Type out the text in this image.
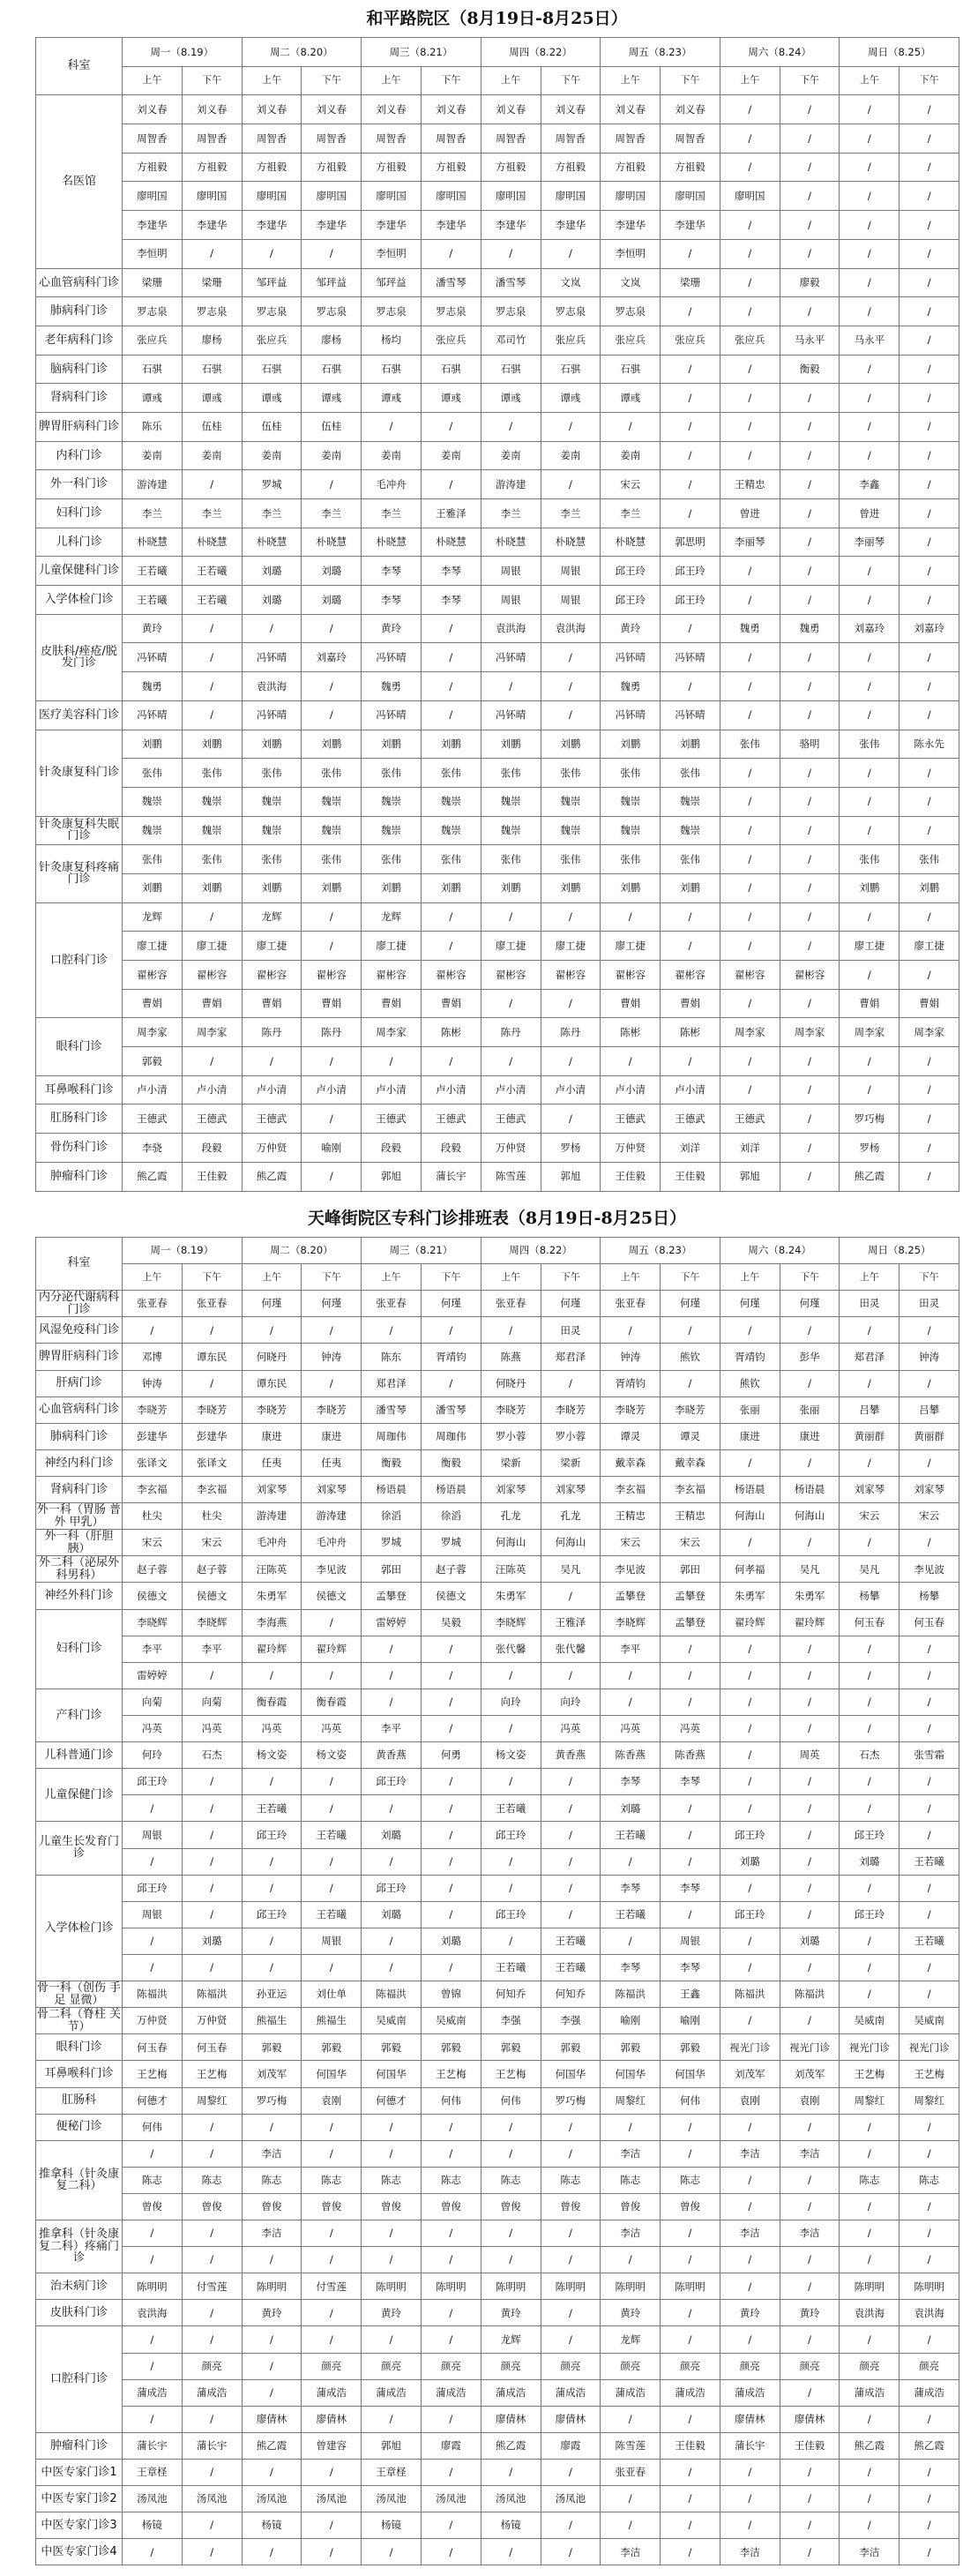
和平路院区（8月19日-8月25日）
科室	周一（8.19）		周二（8.20）		周三（8.21）		周四（8.22）		周五（8.23）		周六（8.24）		周日（8.25）	
	上午	下午	上午	下午	上午	下午	上午	下午	上午	下午	上午	下午	上午	下午
名医馆	刘义春	刘义春	刘义春	刘义春	刘义春	刘义春	刘义春	刘义春	刘义春	刘义春	/	/	/	/
	周智香	周智香	周智香	周智香	周智香	周智香	周智香	周智香	周智香	周智香	/	/	/	/
	方祖毅	方祖毅	方祖毅	方祖毅	方祖毅	方祖毅	方祖毅	方祖毅	方祖毅	方祖毅	/	/	/	/
	廖明国	廖明国	廖明国	廖明国	廖明国	廖明国	廖明国	廖明国	廖明国	廖明国	廖明国	/	/	/
	李建华	李建华	李建华	李建华	李建华	李建华	李建华	李建华	李建华	李建华	/	/	/	/
	李恒明	/	/	/	李恒明	/	/	/	李恒明	/	/	/	/	/
心血管病科门诊	梁珊	梁珊	邹玶益	邹玶益	邹玶益	潘雪琴	潘雪琴	文岚	文岚	梁珊	/	廖毅	/	/
肺病科门诊	罗志泉	罗志泉	罗志泉	罗志泉	罗志泉	罗志泉	罗志泉	罗志泉	罗志泉	/	/	/	/	/
老年病科门诊	张应兵	廖杨	张应兵	廖杨	杨均	张应兵	邓司竹	张应兵	张应兵	张应兵	张应兵	马永平	马永平	/
脑病科门诊	石骐	石骐	石骐	石骐	石骐	石骐	石骐	石骐	石骐	/	/	衡毅	/	/
肾病科门诊	谭彧	谭彧	谭彧	谭彧	谭彧	谭彧	谭彧	谭彧	谭彧	/	/	/	/	/
脾胃肝病科门诊	陈乐	伍桂	伍桂	伍桂	/	/	/	/	/	/	/	/	/	/
内科门诊	姜南	姜南	姜南	姜南	姜南	姜南	姜南	姜南	姜南	/	/	/	/	/
外一科门诊	游涛建	/	罗城	/	毛冲舟	/	游涛建	/	宋云	/	王精忠	/	李鑫	/
妇科门诊	李兰	李兰	李兰	李兰	李兰	王雅泽	李兰	李兰	李兰	/	曾进	/	曾进	/
儿科门诊	朴晓慧	朴晓慧	朴晓慧	朴晓慧	朴晓慧	朴晓慧	朴晓慧	朴晓慧	朴晓慧	郭思明	李丽琴	/	李丽琴	/
儿童保健科门诊	王若曦	王若曦	刘璐	刘璐	李琴	李琴	周银	周银	邱王玲	邱王玲	/	/	/	/
入学体检门诊	王若曦	王若曦	刘璐	刘璐	李琴	李琴	周银	周银	邱王玲	邱王玲	/	/	/	/
皮肤科/痤疮/脱发门诊	黄玲	/	/	/	黄玲	/	袁洪海	袁洪海	黄玲	/	魏勇	魏勇	刘嘉玲	刘嘉玲
	冯钚晴	/	冯钚晴	刘嘉玲	冯钚晴	/	冯钚晴	/	冯钚晴	冯钚晴	/	/	/	/
	魏勇	/	袁洪海	/	魏勇	/	/	/	魏勇	/	/	/	/	/
医疗美容科门诊	冯钚晴	/	冯钚晴	/	冯钚晴	/	冯钚晴	/	冯钚晴	冯钚晴	/	/	/	/
针灸康复科门诊	刘鹏	刘鹏	刘鹏	刘鹏	刘鹏	刘鹏	刘鹏	刘鹏	刘鹏	刘鹏	张伟	骆明	张伟	陈永先
	张伟	张伟	张伟	张伟	张伟	张伟	张伟	张伟	张伟	张伟	/	/	/	/
	魏崇	魏崇	魏崇	魏崇	魏崇	魏崇	魏崇	魏崇	魏崇	魏崇	/	/	/	/
针灸康复科失眠门诊	魏崇	魏崇	魏崇	魏崇	魏崇	魏崇	魏崇	魏崇	魏崇	魏崇	/	/	/	/
针灸康复科疼痛门诊	张伟	张伟	张伟	张伟	张伟	张伟	张伟	张伟	张伟	张伟	/	/	张伟	张伟
	刘鹏	刘鹏	刘鹏	刘鹏	刘鹏	刘鹏	刘鹏	刘鹏	刘鹏	刘鹏	/	/	刘鹏	刘鹏
口腔科门诊	龙辉	/	龙辉	/	龙辉	/	/	/	/	/	/	/	/	/
	廖工捷	廖工捷	廖工捷	/	廖工捷	/	廖工捷	廖工捷	廖工捷	/	/	/	廖工捷	廖工捷
	翟彬容	翟彬容	翟彬容	翟彬容	翟彬容	翟彬容	翟彬容	翟彬容	翟彬容	翟彬容	翟彬容	翟彬容	/	/
	曹娟	曹娟	曹娟	曹娟	曹娟	曹娟	/	/	曹娟	曹娟	/	/	曹娟	曹娟
眼科门诊	周李家	周李家	陈丹	陈丹	周李家	陈彬	陈丹	陈丹	陈彬	陈彬	周李家	周李家	周李家	周李家
	郭毅	/	/	/	/	/	/	/	/	/	/	/	/	/
耳鼻喉科门诊	卢小清	卢小清	卢小清	卢小清	卢小清	卢小清	卢小清	卢小清	卢小清	卢小清	/	/	/	/
肛肠科门诊	王德武	王德武	王德武	/	王德武	王德武	王德武	/	王德武	王德武	王德武	/	罗巧梅	/
骨伤科门诊	李骁	段毅	万仲贤	喻刚	段毅	段毅	万仲贤	罗杨	万仲贤	刘洋	刘洋	/	罗杨	/
肿瘤科门诊	熊乙霞	王佳毅	熊乙霞	/	郭旭	蒲长宇	陈雪莲	郭旭	王佳毅	王佳毅	郭旭	/	熊乙霞	/
天峰街院区专科门诊排班表（8月19日-8月25日）
科室	周一（8.19）		周二（8.20）		周三（8.21）		周四（8.22）		周五（8.23）		周六（8.24）		周日（8.25）	
	上午	下午	上午	下午	上午	下午	上午	下午	上午	下午	上午	下午	上午	下午
内分泌代谢病科门诊	张亚春	张亚春	何瑾	何瑾	张亚春	何瑾	张亚春	何瑾	张亚春	何瑾	何瑾	何瑾	田灵	田灵
风湿免疫科门诊	/	/	/	/	/	/	/	田灵	/	/	/	/	/	/
脾胃肝病科门诊	邓博	谭东民	何晓丹	钟涛	陈东	胥靖钧	陈燕	郑君泽	钟涛	熊钦	胥靖钧	彭华	郑君泽	钟涛
肝病门诊	钟涛	/	谭东民	/	郑君泽	/	何晓丹	/	胥靖钧	/	熊钦	/	/	/
心血管病科门诊	李晓芳	李晓芳	李晓芳	李晓芳	潘雪琴	潘雪琴	李晓芳	李晓芳	李晓芳	李晓芳	张丽	张丽	吕攀	吕攀
肺病科门诊	彭建华	彭建华	康进	康进	周珈伟	周珈伟	罗小蓉	罗小蓉	谭灵	谭灵	康进	康进	黄丽群	黄丽群
神经内科门诊	张译文	张译文	任夷	任夷	衡毅	衡毅	梁新	梁新	戴幸森	戴幸森	/	/	/	/
肾病科门诊	李玄福	李玄福	刘家琴	刘家琴	杨语晨	杨语晨	刘家琴	刘家琴	李玄福	李玄福	杨语晨	杨语晨	刘家琴	刘家琴
外一科（胃肠 普外 甲乳）	杜尖	杜尖	游涛建	游涛建	徐滔	徐滔	孔龙	孔龙	王精忠	王精忠	何海山	何海山	宋云	宋云
外一科（肝胆胰）	宋云	宋云	毛冲舟	毛冲舟	罗城	罗城	何海山	何海山	宋云	宋云	/	/	/	/
外二科（泌尿外科男科）	赵子蓉	赵子蓉	汪陈英	李见波	郭田	赵子蓉	汪陈英	吴凡	李见波	郭田	何孝福	吴凡	吴凡	李见波
神经外科门诊	侯德文	侯德文	朱勇军	侯德文	孟攀登	侯德文	朱勇军	/	孟攀登	孟攀登	朱勇军	朱勇军	杨攀	杨攀
妇科门诊	李晓辉	李晓辉	李海燕	/	雷婷婷	吴毅	李晓辉	王雅泽	李晓辉	孟攀登	翟玲辉	翟玲辉	何玉春	何玉春
	李平	李平	翟玲辉	翟玲辉	/	/	张代馨	张代馨	李平	/	/	/	/	/
	雷婷婷	/	/	/	/	/	/	/	/	/	/	/	/	/
产科门诊	向菊	向菊	衡春霞	衡春霞	/	/	向玲	向玲	/	/	/	/	/	/
	冯英	冯英	冯英	冯英	李平	/	/	冯英	冯英	冯英	/	/	/	/
儿科普通门诊	何玲	石杰	杨文姿	杨文姿	黄香燕	何勇	杨文姿	黄香燕	陈香燕	陈香燕	/	周英	石杰	张雪霜
儿童保健门诊	邱王玲	/	/	/	邱王玲	/	/	/	李琴	李琴	/	/	/	/
	/	/	王若曦	/	/	/	王若曦	/	刘璐	/	/	/	/	/
儿童生长发育门诊	周银	/	邱王玲	王若曦	刘璐	/	邱王玲	/	王若曦	/	邱王玲	/	邱王玲	/
	/	/	/	/	/	/	/	/	/	/	刘璐	/	刘璐	王若曦
入学体检门诊	邱王玲	/	/	/	邱王玲	/	/	/	李琴	李琴	/	/	/	/
	周银	/	邱王玲	王若曦	刘璐	/	邱王玲	/	王若曦	/	邱王玲	/	邱王玲	/
	/	刘璐	/	周银	/	刘璐	/	王若曦	/	周银	/	刘璐	/	王若曦
	/	/	/	/	/	/	王若曦	王若曦	李琴	李琴	/	/	/	/
骨一科（创伤 手足 显微）	陈福洪	陈福洪	孙亚运	刘仕单	陈福洪	曾锦	何知乔	何知乔	陈福洪	王鑫	陈福洪	陈福洪	/	/
骨二科（脊柱 关节）	万仲贤	万仲贤	熊福生	熊福生	吴威南	吴威南	李强	李强	喻刚	喻刚	/	/	吴威南	吴威南
眼科门诊	何玉春	何玉春	郭毅	郭毅	郭毅	郭毅	郭毅	郭毅	郭毅	郭毅	视光门诊	视光门诊	视光门诊	视光门诊
耳鼻喉科门诊	王艺梅	王艺梅	刘茂军	何国华	何国华	王艺梅	王艺梅	何国华	何国华	何国华	刘茂军	刘茂军	王艺梅	王艺梅
肛肠科	何德才	周黎红	罗巧梅	袁刚	何德才	何伟	何伟	罗巧梅	周黎红	何伟	袁刚	袁刚	周黎红	周黎红
便秘门诊	何伟	/	/	/	/	/	/	/	/	/	/	/	/	/
推拿科（针灸康复二科）	/	/	李洁	/	/	/	/	/	李洁	/	李洁	李洁	/	/
	陈志	陈志	陈志	陈志	陈志	陈志	陈志	陈志	陈志	陈志	/	/	陈志	陈志
	曾俊	曾俊	曾俊	曾俊	曾俊	曾俊	曾俊	曾俊	曾俊	曾俊	/	/	/	/
推拿科（针灸康复二科）疼痛门诊	/	/	李洁	/	/	/	/	/	李洁	/	李洁	李洁	/	/
	/	/	/	/	/	/	/	/	/	/	/	/	/	/
治未病门诊	陈明明	付雪莲	陈明明	付雪莲	陈明明	陈明明	陈明明	陈明明	陈明明	陈明明	/	/	陈明明	陈明明
皮肤科门诊	袁洪海	/	黄玲	/	黄玲	/	黄玲	/	黄玲	/	黄玲	黄玲	袁洪海	袁洪海
口腔科门诊	/	/	/	/	/	/	龙辉	/	龙辉	/	/	/	/	/
	/	颜亮	/	颜亮	颜亮	颜亮	颜亮	颜亮	颜亮	颜亮	颜亮	颜亮	颜亮	颜亮
	蒲成浩	蒲成浩	/	蒲成浩	蒲成浩	蒲成浩	蒲成浩	蒲成浩	蒲成浩	蒲成浩	蒲成浩	/	蒲成浩	蒲成浩
	/	/	廖倩林	廖倩林	/	/	廖倩林	廖倩林	/	/	廖倩林	廖倩林	/	/
肿瘤科门诊	蒲长宇	蒲长宇	熊乙霞	曾建容	郭旭	廖霞	熊乙霞	廖霞	陈雪莲	王佳毅	蒲长宇	王佳毅	熊乙霞	熊乙霞
中医专家门诊1	王章柽	/	/	/	王章柽	/	/	/	张亚春	/	/	/	/	/
中医专家门诊2	汤凤池	汤凤池	汤凤池	汤凤池	汤凤池	汤凤池	汤凤池	汤凤池	/	/	/	/	/	/
中医专家门诊3	杨镜	/	杨镜	/	杨镜	/	杨镜	/	/	/	/	/	/	/
中医专家门诊4	/	/	/	/	/	/	/	/	李洁	/	李洁	/	李洁	/
